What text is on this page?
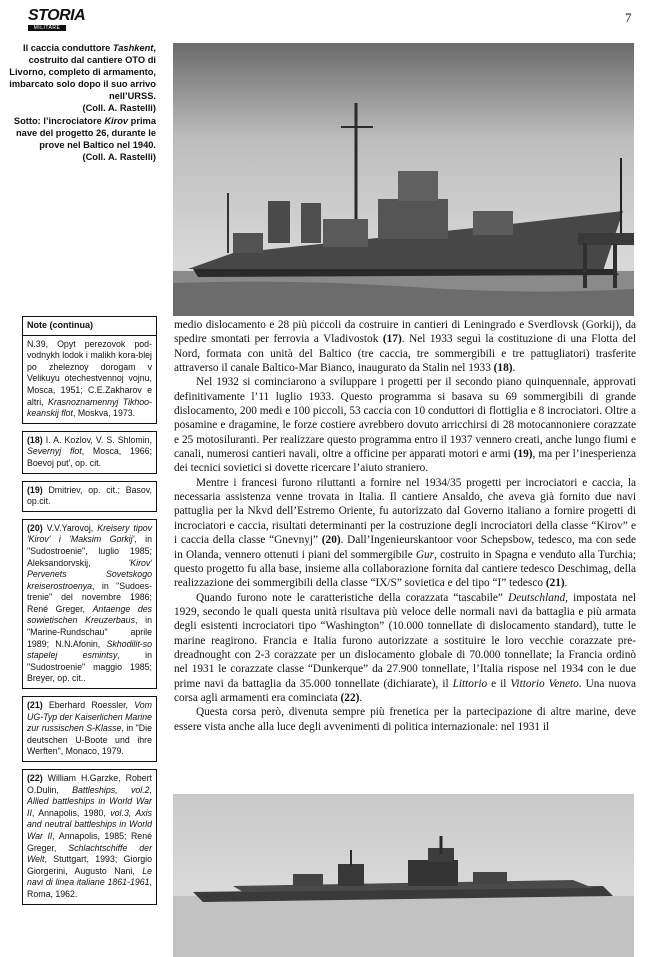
STORIA
MILITARE
7

Il caccia conduttore Tashkent, costruito dal cantiere OTO di Livorno, completo di armamento, imbarcato solo dopo il suo arrivo nell’URSS.
(Coll. A. Rastelli)

Sotto: l’incrociatore Kirov prima nave del progetto 26, durante le prove nel Baltico nel 1940.
(Coll. A. Rastelli)

Note (continua)
N.39, Opyt perezovok pod-vodnykh lodok i malikh kora-blej po zheleznoy dorogam v Velikuyu otechestvennoj vojnu, Mosca, 1951; C.E.Zakharov e altri, Krasnoznamennyj Tikhoo-keanskij flot, Moskva, 1973.
(18) I. A. Kozlov, V. S. Shlomin, Severnyj flot, Mosca, 1966; Boevoj put', op. cit.
(19) Dmitriev, op. cit.; Basov, op.cit.
(20) V.V.Yarovoj, Kreisery tipov 'Kirov' i 'Maksim Gorkij', in "Sudostroenie", luglio 1985; Aleksandorvskij, 'Kirov' Pervenets Sovetskogo kreiserostroenya, in "Sudoes-trenie" del novembre 1986; René Greger, Antaenge des sowietischen Kreuzerbaus, in "Marine-Rundschau" aprile 1989; N.N.Afonin, Skhodilit-so stapelej esmintsy, in "Sudostroenie" maggio 1985; Breyer, op. cit..
(21) Eberhard Roessler, Vom UG-Typ der Kaiserlichen Marine zur russischen S-Klasse, in "Die deutschen U-Boote und ihre Werften", Monaco, 1979.
(22) William H.Garzke, Robert O.Dulin, Battleships, vol.2, Allied battleships in World War II, Annapolis, 1980, vol.3, Axis and neutral battleships in World War II, Annapolis, 1985; René Greger, Schlachtschiffe der Welt, Stuttgart, 1993; Giorgio Giorgerini, Augusto Nani, Le navi di linea italiane 1861-1961, Roma, 1962.

medio dislocamento e 28 più piccoli da costruire in cantieri di Leningrado e Sverdlovsk (Gorkij), da spedire smontati per ferrovia a Vladivostok (17). Nel 1933 seguì la costituzione di una Flotta del Nord, formata con unità del Baltico (tre caccia, tre sommergibili e tre pattugliatori) trasferite attraverso il canale Baltico-Mar Bianco, inaugurato da Stalin nel 1933 (18).

Nel 1932 si cominciarono a sviluppare i progetti per il secondo piano quinquennale, approvati definitivamente l’11 luglio 1933. Questo programma si basava su 69 sommergibili di grande dislocamento, 200 medi e 100 piccoli, 53 caccia con 10 conduttori di flottiglia e 8 incrociatori. Oltre a posamine e dragamine, le forze costiere avrebbero dovuto arricchirsi di 28 motocannoniere corazzate e 25 motosiluranti. Per realizzare questo programma entro il 1937 vennero creati, anche lungo fiumi e canali, numerosi cantieri navali, oltre a officine per apparati motori e armi (19), ma per l’inesperienza dei tecnici sovietici si dovette ricercare l’aiuto straniero.

Mentre i francesi furono riluttanti a fornire nel 1934/35 progetti per incrociatori e caccia, la necessaria assistenza venne trovata in Italia. Il cantiere Ansaldo, che aveva già fornito due navi pattuglia per la Nkvd dell’Estremo Oriente, fu autorizzato dal Governo italiano a fornire progetti di incrociatori e caccia, risultati determinanti per la costruzione degli incrociatori della classe “Kirov” e i caccia della classe “Gnevnyj” (20). Dall’Ingenieurskantoor voor Schepsbow, tedesco, ma con sede in Olanda, vennero ottenuti i piani del sommergibile Gur, costruito in Spagna e venduto alla Turchia; questo progetto fu alla base, insieme alla collaborazione fornita dal cantiere tedesco Deschimag, della realizzazione dei sommergibili della classe “IX/S” sovietica e del tipo “I” tedesco (21).

Quando furono note le caratteristiche della corazzata “tascabile” Deutschland, impostata nel 1929, secondo le quali questa unità risultava più veloce delle normali navi da battaglia e più armata degli esistenti incrociatori tipo “Washington” (10.000 tonnellate di dislocamento standard), tutte le marine reagirono. Francia e Italia furono autorizzate a sostituire le loro vecchie corazzate pre-dreadnought con 2-3 corazzate per un dislocamento globale di 70.000 tonnellate; la Francia ordinò nel 1931 le corazzate classe “Dunkerque” da 27.900 tonnellate, l’Italia rispose nel 1934 con le due prime navi da battaglia da 35.000 tonnellate (dichiarate), il Littorio e il Vittorio Veneto. Una nuova corsa agli armamenti era cominciata (22).

Questa corsa però, divenuta sempre più frenetica per la partecipazione di altre marine, deve essere vista anche alla luce degli avvenimenti di politica internazionale: nel 1931 il
